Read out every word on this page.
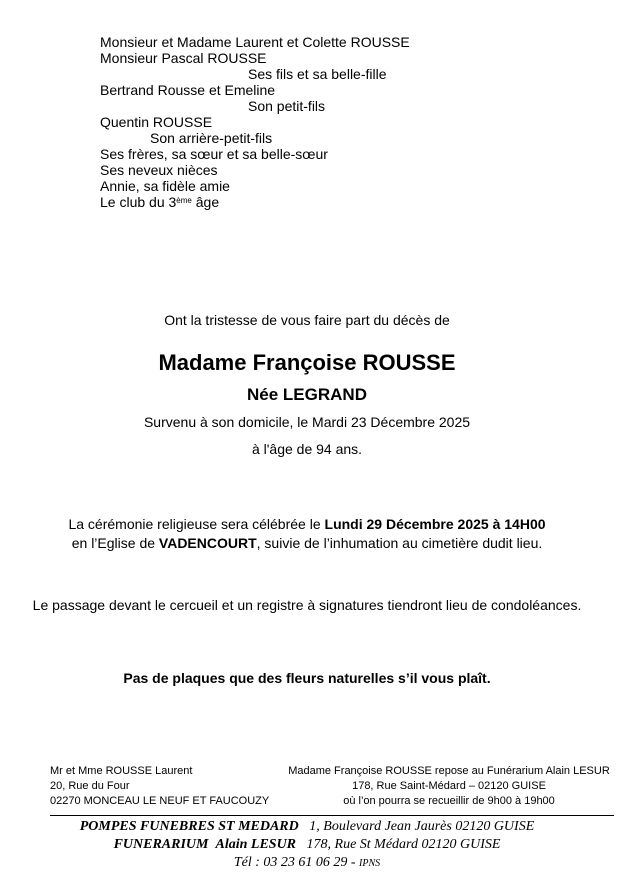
Monsieur et Madame Laurent et Colette ROUSSE
Monsieur Pascal ROUSSE
Ses fils et sa belle-fille
Bertrand Rousse et Emeline
Son petit-fils
Quentin ROUSSE
Son arrière-petit-fils
Ses frères, sa sœur et sa belle-sœur
Ses neveux nièces
Annie, sa fidèle amie
Le club du 3ème âge
Ont la tristesse de vous faire part du décès de
Madame Françoise ROUSSE
Née LEGRAND
Survenu à son domicile, le Mardi 23 Décembre 2025
à l'âge de 94 ans.
La cérémonie religieuse sera célébrée le Lundi 29 Décembre 2025 à 14H00
en l’Eglise de VADENCOURT, suivie de l’inhumation au cimetière dudit lieu.
Le passage devant le cercueil et un registre à signatures tiendront lieu de condoléances.
Pas de plaques que des fleurs naturelles s’il vous plaît.
Mr et Mme ROUSSE Laurent
20, Rue du Four
02270 MONCEAU LE NEUF ET FAUCOUZY
Madame Françoise ROUSSE repose au Funérarium Alain LESUR
178, Rue Saint-Médard – 02120 GUISE
où l’on pourra se recueillir de 9h00 à 19h00
POMPES FUNEBRES ST MEDARD 1, Boulevard Jean Jaurès 02120 GUISE
FUNERARIUM Alain LESUR 178, Rue St Médard 02120 GUISE
Tél : 03 23 61 06 29 - IPNS
